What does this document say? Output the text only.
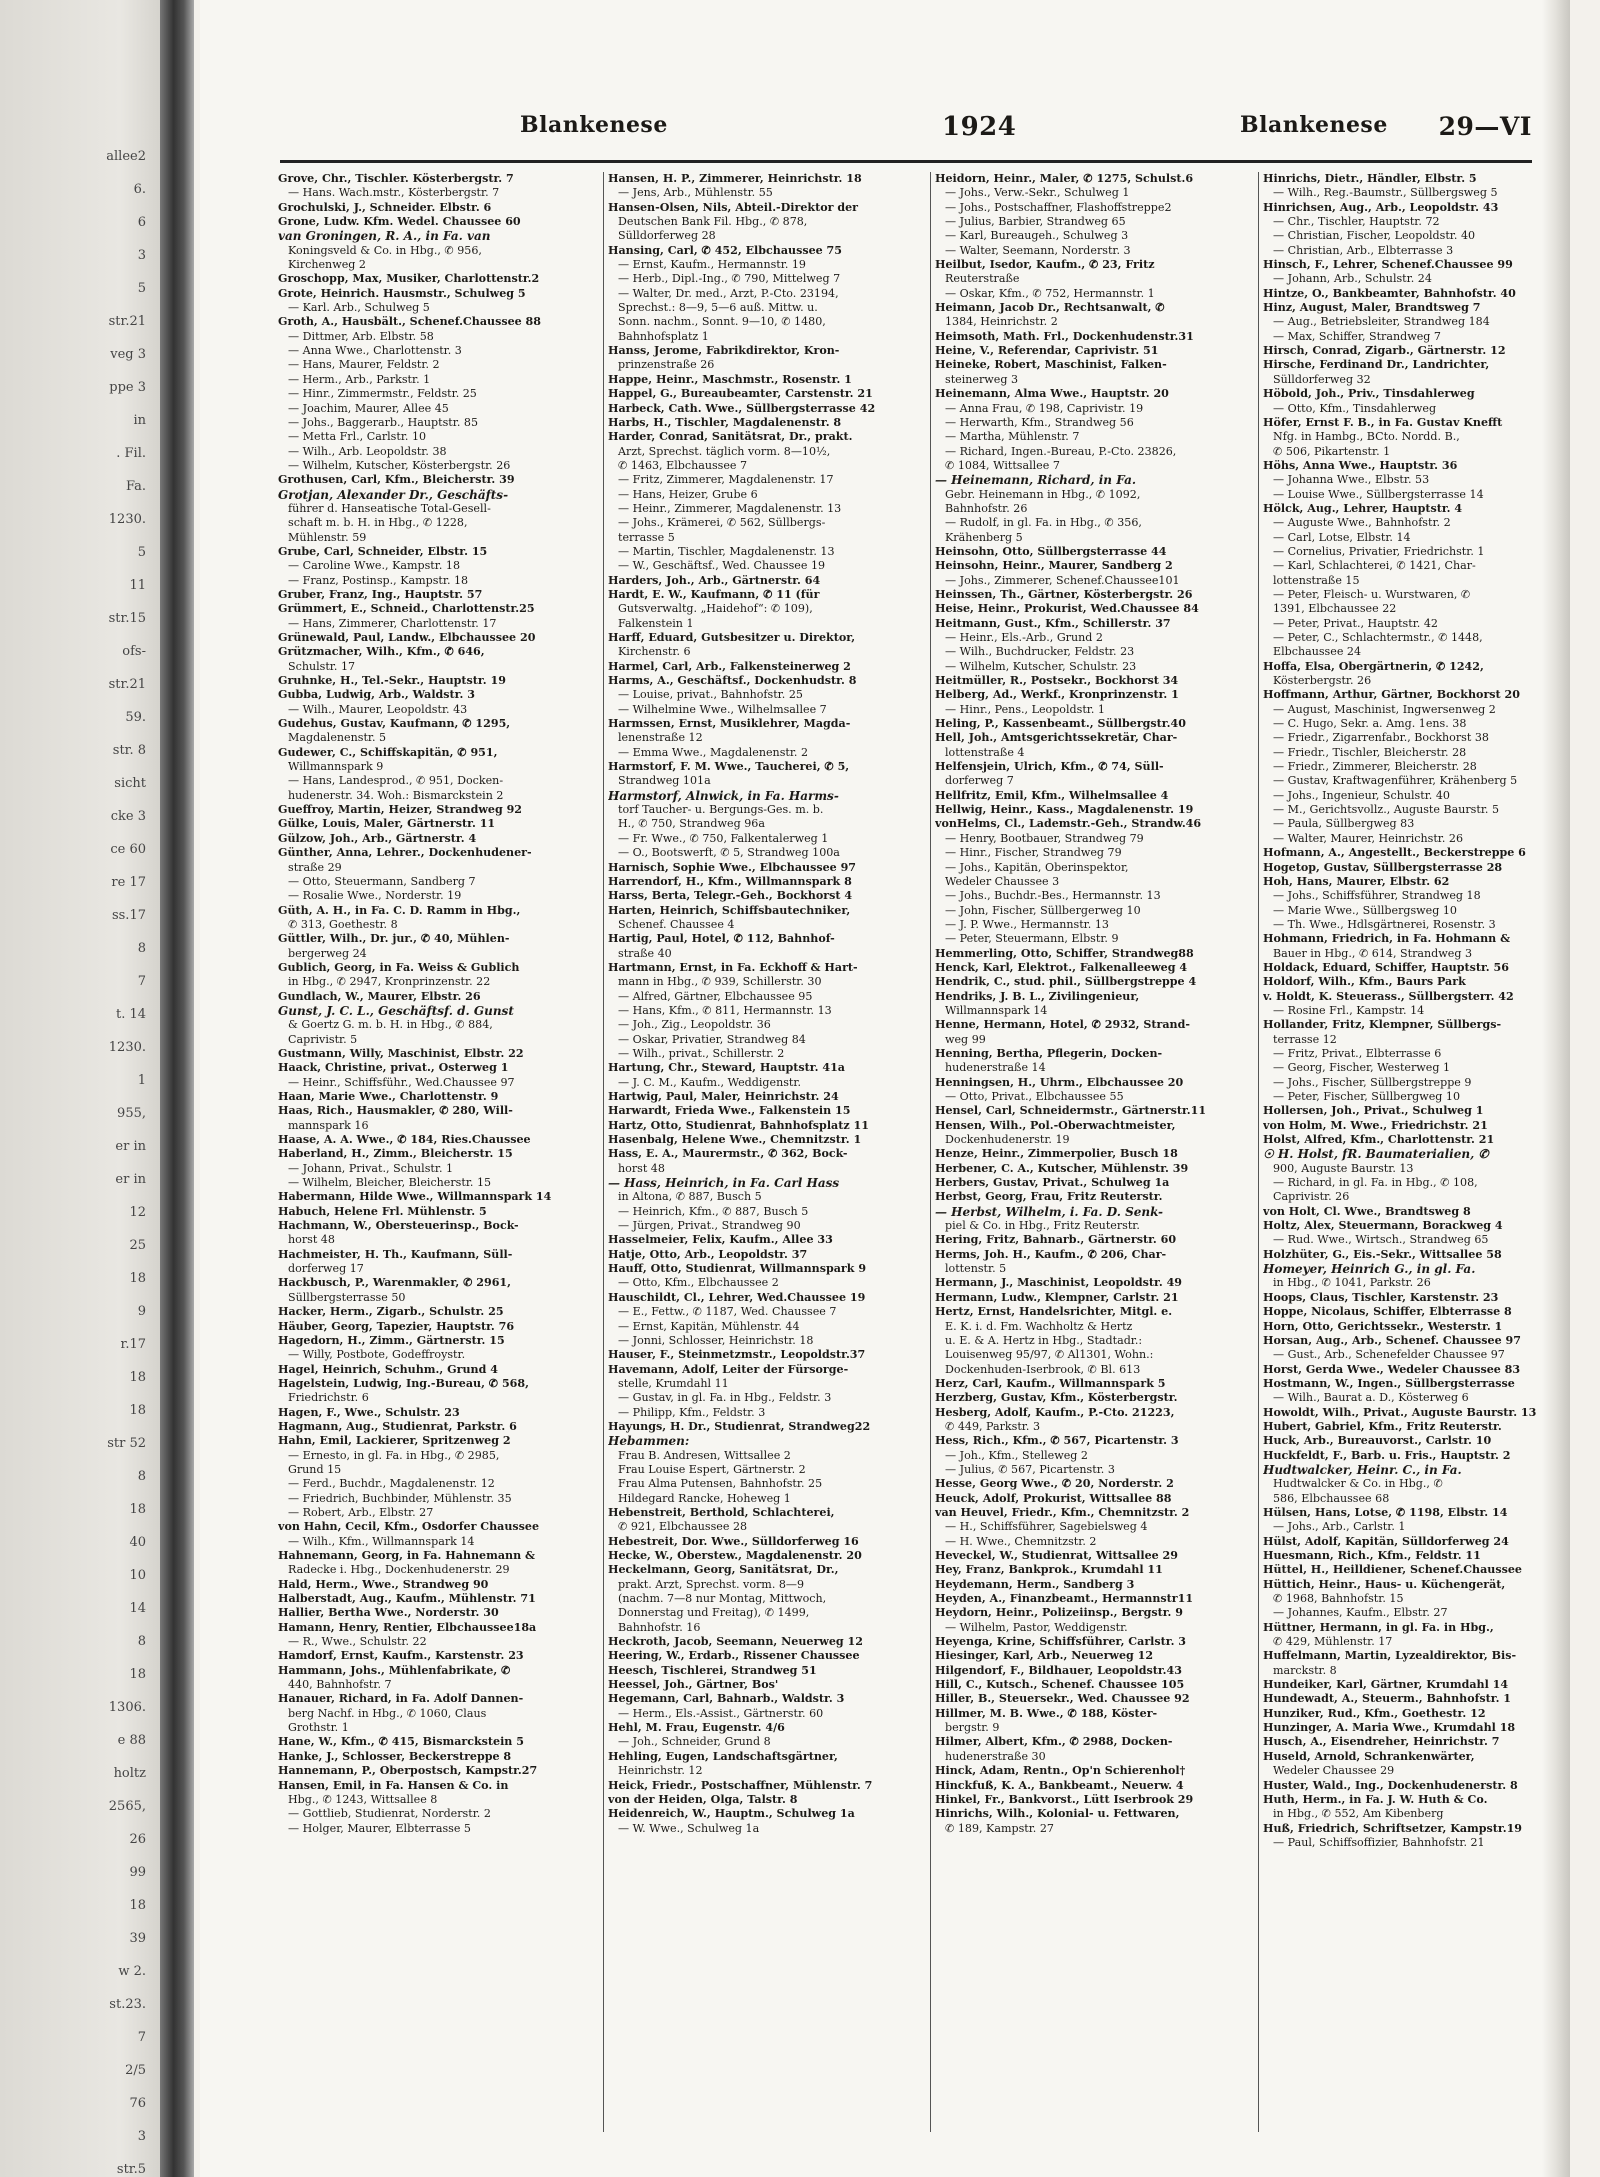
allee2
6.
6
3
5
str.21
veg 3
ppe 3
in
. Fil.
Fa.
1230.
5
11
str.15
ofs-
str.21
59.
str. 8
sicht
cke 3
ce 60
re 17
ss.17
8
7
t. 14
1230.
1
955,
er in
er in
12
25
18
9
r.17
18
18
str 52
8
18
40
10
14
8
18
1306.
e 88
holtz
2565,
26
99
18
39
w 2.
st.23.
7
2/5
76
3
str.5
Blankenese	1924	Blankenese 29—VI
Grove, Chr., Tischler. Kösterbergstr. 7
— Hans. Wach.mstr., Kösterbergstr. 7
Grochulski, J., Schneider. Elbstr. 6
Grone, Ludw. Kfm. Wedel. Chaussee 60
van Groningen, R. A., in Fa. van
Koningsveld & Co. in Hbg., ✆ 956,
Kirchenweg 2
Groschopp, Max, Musiker, Charlottenstr.2
Grote, Heinrich. Hausmstr., Schulweg 5
— Karl. Arb., Schulweg 5
Groth, A., Hausbält., Schenef.Chaussee 88
— Dittmer, Arb. Elbstr. 58
— Anna Wwe., Charlottenstr. 3
— Hans, Maurer, Feldstr. 2
— Herm., Arb., Parkstr. 1
— Hinr., Zimmermstr., Feldstr. 25
— Joachim, Maurer, Allee 45
— Johs., Baggerarb., Hauptstr. 85
— Metta Frl., Carlstr. 10
— Wilh., Arb. Leopoldstr. 38
— Wilhelm, Kutscher, Kösterbergstr. 26
Grothusen, Carl, Kfm., Bleicherstr. 39
Grotjan, Alexander Dr., Geschäfts-
führer d. Hanseatische Total-Gesell-
schaft m. b. H. in Hbg., ✆ 1228,
Mühlenstr. 59
Grube, Carl, Schneider, Elbstr. 15
— Caroline Wwe., Kampstr. 18
— Franz, Postinsp., Kampstr. 18
Gruber, Franz, Ing., Hauptstr. 57
Grümmert, E., Schneid., Charlottenstr.25
— Hans, Zimmerer, Charlottenstr. 17
Grünewald, Paul, Landw., Elbchaussee 20
Grützmacher, Wilh., Kfm., ✆ 646,
Schulstr. 17
Gruhnke, H., Tel.-Sekr., Hauptstr. 19
Gubba, Ludwig, Arb., Waldstr. 3
— Wilh., Maurer, Leopoldstr. 43
Gudehus, Gustav, Kaufmann, ✆ 1295,
Magdalenenstr. 5
Gudewer, C., Schiffskapitän, ✆ 951,
Willmannspark 9
— Hans, Landesprod., ✆ 951, Docken-
hudenerstr. 34. Woh.: Bismarckstein 2
Gueffroy, Martin, Heizer, Strandweg 92
Gülke, Louis, Maler, Gärtnerstr. 11
Gülzow, Joh., Arb., Gärtnerstr. 4
Günther, Anna, Lehrer., Dockenhudener-
straße 29
— Otto, Steuermann, Sandberg 7
— Rosalie Wwe., Norderstr. 19
Güth, A. H., in Fa. C. D. Ramm in Hbg.,
✆ 313, Goethestr. 8
Güttler, Wilh., Dr. jur., ✆ 40, Mühlen-
bergerweg 24
Gublich, Georg, in Fa. Weiss & Gublich
in Hbg., ✆ 2947, Kronprinzenstr. 22
Gundlach, W., Maurer, Elbstr. 26
Gunst, J. C. L., Geschäftsf. d. Gunst
& Goertz G. m. b. H. in Hbg., ✆ 884,
Caprivistr. 5
Gustmann, Willy, Maschinist, Elbstr. 22
Haack, Christine, privat., Osterweg 1
— Heinr., Schiffsführ., Wed.Chaussee 97
Haan, Marie Wwe., Charlottenstr. 9
Haas, Rich., Hausmakler, ✆ 280, Will-
mannspark 16
Haase, A. A. Wwe., ✆ 184, Ries.Chaussee
Haberland, H., Zimm., Bleicherstr. 15
— Johann, Privat., Schulstr. 1
— Wilhelm, Bleicher, Bleicherstr. 15
Habermann, Hilde Wwe., Willmannspark 14
Habuch, Helene Frl. Mühlenstr. 5
Hachmann, W., Obersteuerinsp., Bock-
horst 48
Hachmeister, H. Th., Kaufmann, Süll-
dorferweg 17
Hackbusch, P., Warenmakler, ✆ 2961,
Süllbergsterrasse 50
Hacker, Herm., Zigarb., Schulstr. 25
Häuber, Georg, Tapezier, Hauptstr. 76
Hagedorn, H., Zimm., Gärtnerstr. 15
— Willy, Postbote, Godeffroystr.
Hagel, Heinrich, Schuhm., Grund 4
Hagelstein, Ludwig, Ing.-Bureau, ✆ 568,
Friedrichstr. 6
Hagen, F., Wwe., Schulstr. 23
Hagmann, Aug., Studienrat, Parkstr. 6
Hahn, Emil, Lackierer, Spritzenweg 2
— Ernesto, in gl. Fa. in Hbg., ✆ 2985,
Grund 15
— Ferd., Buchdr., Magdalenenstr. 12
— Friedrich, Buchbinder, Mühlenstr. 35
— Robert, Arb., Elbstr. 27
von Hahn, Cecil, Kfm., Osdorfer Chaussee
— Wilh., Kfm., Willmannspark 14
Hahnemann, Georg, in Fa. Hahnemann &
Radecke i. Hbg., Dockenhudenerstr. 29
Hald, Herm., Wwe., Strandweg 90
Halberstadt, Aug., Kaufm., Mühlenstr. 71
Hallier, Bertha Wwe., Norderstr. 30
Hamann, Henry, Rentier, Elbchaussee18a
— R., Wwe., Schulstr. 22
Hamdorf, Ernst, Kaufm., Karstenstr. 23
Hammann, Johs., Mühlenfabrikate, ✆
440, Bahnhofstr. 7
Hanauer, Richard, in Fa. Adolf Dannen-
berg Nachf. in Hbg., ✆ 1060, Claus
Grothstr. 1
Hane, W., Kfm., ✆ 415, Bismarckstein 5
Hanke, J., Schlosser, Beckerstreppe 8
Hannemann, P., Oberpostsch, Kampstr.27
Hansen, Emil, in Fa. Hansen & Co. in
Hbg., ✆ 1243, Wittsallee 8
— Gottlieb, Studienrat, Norderstr. 2
— Holger, Maurer, Elbterrasse 5
Hansen, H. P., Zimmerer, Heinrichstr. 18
— Jens, Arb., Mühlenstr. 55
Hansen-Olsen, Nils, Abteil.-Direktor der
Deutschen Bank Fil. Hbg., ✆ 878,
Sülldorferweg 28
Hansing, Carl, ✆ 452, Elbchaussee 75
— Ernst, Kaufm., Hermannstr. 19
— Herb., Dipl.-Ing., ✆ 790, Mittelweg 7
— Walter, Dr. med., Arzt, P.-Cto. 23194,
Sprechst.: 8—9, 5—6 auß. Mittw. u.
Sonn. nachm., Sonnt. 9—10, ✆ 1480,
Bahnhofsplatz 1
Hanss, Jerome, Fabrikdirektor, Kron-
prinzenstraße 26
Happe, Heinr., Maschmstr., Rosenstr. 1
Happel, G., Bureaubeamter, Carstenstr. 21
Harbeck, Cath. Wwe., Süllbergsterrasse 42
Harbs, H., Tischler, Magdalenenstr. 8
Harder, Conrad, Sanitätsrat, Dr., prakt.
Arzt, Sprechst. täglich vorm. 8—10½,
✆ 1463, Elbchaussee 7
— Fritz, Zimmerer, Magdalenenstr. 17
— Hans, Heizer, Grube 6
— Heinr., Zimmerer, Magdalenenstr. 13
— Johs., Krämerei, ✆ 562, Süllbergs-
terrasse 5
— Martin, Tischler, Magdalenenstr. 13
— W., Geschäftsf., Wed. Chaussee 19
Harders, Joh., Arb., Gärtnerstr. 64
Hardt, E. W., Kaufmann, ✆ 11 (für
Gutsverwaltg. „Haidehof“: ✆ 109),
Falkenstein 1
Harff, Eduard, Gutsbesitzer u. Direktor,
Kirchenstr. 6
Harmel, Carl, Arb., Falkensteinerweg 2
Harms, A., Geschäftsf., Dockenhudstr. 8
— Louise, privat., Bahnhofstr. 25
— Wilhelmine Wwe., Wilhelmsallee 7
Harmssen, Ernst, Musiklehrer, Magda-
lenenstraße 12
— Emma Wwe., Magdalenenstr. 2
Harmstorf, F. M. Wwe., Taucherei, ✆ 5,
Strandweg 101a
Harmstorf, Alnwick, in Fa. Harms-
torf Taucher- u. Bergungs-Ges. m. b.
H., ✆ 750, Strandweg 96a
— Fr. Wwe., ✆ 750, Falkentalerweg 1
— O., Bootswerft, ✆ 5, Strandweg 100a
Harnisch, Sophie Wwe., Elbchaussee 97
Harrendorf, H., Kfm., Willmannspark 8
Harss, Berta, Telegr.-Geh., Bockhorst 4
Harten, Heinrich, Schiffsbautechniker,
Schenef. Chaussee 4
Hartig, Paul, Hotel, ✆ 112, Bahnhof-
straße 40
Hartmann, Ernst, in Fa. Eckhoff & Hart-
mann in Hbg., ✆ 939, Schillerstr. 30
— Alfred, Gärtner, Elbchaussee 95
— Hans, Kfm., ✆ 811, Hermannstr. 13
— Joh., Zig., Leopoldstr. 36
— Oskar, Privatier, Strandweg 84
— Wilh., privat., Schillerstr. 2
Hartung, Chr., Steward, Hauptstr. 41a
— J. C. M., Kaufm., Weddigenstr.
Hartwig, Paul, Maler, Heinrichstr. 24
Harwardt, Frieda Wwe., Falkenstein 15
Hartz, Otto, Studienrat, Bahnhofsplatz 11
Hasenbalg, Helene Wwe., Chemnitzstr. 1
Hass, E. A., Maurermstr., ✆ 362, Bock-
horst 48
— Hass, Heinrich, in Fa. Carl Hass
in Altona, ✆ 887, Busch 5
— Heinrich, Kfm., ✆ 887, Busch 5
— Jürgen, Privat., Strandweg 90
Hasselmeier, Felix, Kaufm., Allee 33
Hatje, Otto, Arb., Leopoldstr. 37
Hauff, Otto, Studienrat, Willmannspark 9
— Otto, Kfm., Elbchaussee 2
Hauschildt, Cl., Lehrer, Wed.Chaussee 19
— E., Fettw., ✆ 1187, Wed. Chaussee 7
— Ernst, Kapitän, Mühlenstr. 44
— Jonni, Schlosser, Heinrichstr. 18
Hauser, F., Steinmetzmstr., Leopoldstr.37
Havemann, Adolf, Leiter der Fürsorge-
stelle, Krumdahl 11
— Gustav, in gl. Fa. in Hbg., Feldstr. 3
— Philipp, Kfm., Feldstr. 3
Hayungs, H. Dr., Studienrat, Strandweg22
Hebammen:
Frau B. Andresen, Wittsallee 2
Frau Louise Espert, Gärtnerstr. 2
Frau Alma Putensen, Bahnhofstr. 25
Hildegard Rancke, Hoheweg 1
Hebenstreit, Berthold, Schlachterei,
✆ 921, Elbchaussee 28
Hebestreit, Dor. Wwe., Sülldorferweg 16
Hecke, W., Oberstew., Magdalenenstr. 20
Heckelmann, Georg, Sanitätsrat, Dr.,
prakt. Arzt, Sprechst. vorm. 8—9
(nachm. 7—8 nur Montag, Mittwoch,
Donnerstag und Freitag), ✆ 1499,
Bahnhofstr. 16
Heckroth, Jacob, Seemann, Neuerweg 12
Heering, W., Erdarb., Rissener Chaussee
Heesch, Tischlerei, Strandweg 51
Heessel, Joh., Gärtner, Bos'
Hegemann, Carl, Bahnarb., Waldstr. 3
— Herm., Els.-Assist., Gärtnerstr. 60
Hehl, M. Frau, Eugenstr. 4/6
— Joh., Schneider, Grund 8
Hehling, Eugen, Landschaftsgärtner,
Heinrichstr. 12
Heick, Friedr., Postschaffner, Mühlenstr. 7
von der Heiden, Olga, Talstr. 8
Heidenreich, W., Hauptm., Schulweg 1a
— W. Wwe., Schulweg 1a
Heidorn, Heinr., Maler, ✆ 1275, Schulst.6
— Johs., Verw.-Sekr., Schulweg 1
— Johs., Postschaffner, Flashoffstreppe2
— Julius, Barbier, Strandweg 65
— Karl, Bureaugeh., Schulweg 3
— Walter, Seemann, Norderstr. 3
Heilbut, Isedor, Kaufm., ✆ 23, Fritz
Reuterstraße
— Oskar, Kfm., ✆ 752, Hermannstr. 1
Heimann, Jacob Dr., Rechtsanwalt, ✆
1384, Heinrichstr. 2
Heimsoth, Math. Frl., Dockenhudenstr.31
Heine, V., Referendar, Caprivistr. 51
Heineke, Robert, Maschinist, Falken-
steinerweg 3
Heinemann, Alma Wwe., Hauptstr. 20
— Anna Frau, ✆ 198, Caprivistr. 19
— Herwarth, Kfm., Strandweg 56
— Martha, Mühlenstr. 7
— Richard, Ingen.-Bureau, P.-Cto. 23826,
✆ 1084, Wittsallee 7
— Heinemann, Richard, in Fa.
Gebr. Heinemann in Hbg., ✆ 1092,
Bahnhofstr. 26
— Rudolf, in gl. Fa. in Hbg., ✆ 356,
Krähenberg 5
Heinsohn, Otto, Süllbergsterrasse 44
Heinsohn, Heinr., Maurer, Sandberg 2
— Johs., Zimmerer, Schenef.Chaussee101
Heinssen, Th., Gärtner, Kösterbergstr. 26
Heise, Heinr., Prokurist, Wed.Chaussee 84
Heitmann, Gust., Kfm., Schillerstr. 37
— Heinr., Els.-Arb., Grund 2
— Wilh., Buchdrucker, Feldstr. 23
— Wilhelm, Kutscher, Schulstr. 23
Heitmüller, R., Postsekr., Bockhorst 34
Helberg, Ad., Werkf., Kronprinzenstr. 1
— Hinr., Pens., Leopoldstr. 1
Heling, P., Kassenbeamt., Süllbergstr.40
Hell, Joh., Amtsgerichtssekretär, Char-
lottenstraße 4
Helfensjein, Ulrich, Kfm., ✆ 74, Süll-
dorferweg 7
Hellfritz, Emil, Kfm., Wilhelmsallee 4
Hellwig, Heinr., Kass., Magdalenenstr. 19
vonHelms, Cl., Lademstr.-Geh., Strandw.46
— Henry, Bootbauer, Strandweg 79
— Hinr., Fischer, Strandweg 79
— Johs., Kapitän, Oberinspektor,
Wedeler Chaussee 3
— Johs., Buchdr.-Bes., Hermannstr. 13
— John, Fischer, Süllbergerweg 10
— J. P. Wwe., Hermannstr. 13
— Peter, Steuermann, Elbstr. 9
Hemmerling, Otto, Schiffer, Strandweg88
Henck, Karl, Elektrot., Falkenalleeweg 4
Hendrik, C., stud. phil., Süllbergstreppe 4
Hendriks, J. B. L., Zivilingenieur,
Willmannspark 14
Henne, Hermann, Hotel, ✆ 2932, Strand-
weg 99
Henning, Bertha, Pflegerin, Docken-
hudenerstraße 14
Henningsen, H., Uhrm., Elbchaussee 20
— Otto, Privat., Elbchaussee 55
Hensel, Carl, Schneidermstr., Gärtnerstr.11
Hensen, Wilh., Pol.-Oberwachtmeister,
Dockenhudenerstr. 19
Henze, Heinr., Zimmerpolier, Busch 18
Herbener, C. A., Kutscher, Mühlenstr. 39
Herbers, Gustav, Privat., Schulweg 1a
Herbst, Georg, Frau, Fritz Reuterstr.
— Herbst, Wilhelm, i. Fa. D. Senk-
piel & Co. in Hbg., Fritz Reuterstr.
Hering, Fritz, Bahnarb., Gärtnerstr. 60
Herms, Joh. H., Kaufm., ✆ 206, Char-
lottenstr. 5
Hermann, J., Maschinist, Leopoldstr. 49
Hermann, Ludw., Klempner, Carlstr. 21
Hertz, Ernst, Handelsrichter, Mitgl. e.
E. K. i. d. Fm. Wachholtz & Hertz
u. E. & A. Hertz in Hbg., Stadtadr.:
Louisenweg 95/97, ✆ Al1301, Wohn.:
Dockenhuden-Iserbrook, ✆ Bl. 613
Herz, Carl, Kaufm., Willmannspark 5
Herzberg, Gustav, Kfm., Kösterbergstr.
Hesberg, Adolf, Kaufm., P.-Cto. 21223,
✆ 449, Parkstr. 3
Hess, Rich., Kfm., ✆ 567, Picartenstr. 3
— Joh., Kfm., Stelleweg 2
— Julius, ✆ 567, Picartenstr. 3
Hesse, Georg Wwe., ✆ 20, Norderstr. 2
Heuck, Adolf, Prokurist, Wittsallee 88
van Heuvel, Friedr., Kfm., Chemnitzstr. 2
— H., Schiffsführer, Sagebielsweg 4
— H. Wwe., Chemnitzstr. 2
Heveckel, W., Studienrat, Wittsallee 29
Hey, Franz, Bankprok., Krumdahl 11
Heydemann, Herm., Sandberg 3
Heyden, A., Finanzbeamt., Hermannstr11
Heydorn, Heinr., Polizeiinsp., Bergstr. 9
— Wilhelm, Pastor, Weddigenstr.
Heyenga, Krine, Schiffsführer, Carlstr. 3
Hiesinger, Karl, Arb., Neuerweg 12
Hilgendorf, F., Bildhauer, Leopoldstr.43
Hill, C., Kutsch., Schenef. Chaussee 105
Hiller, B., Steuersekr., Wed. Chaussee 92
Hillmer, M. B. Wwe., ✆ 188, Köster-
bergstr. 9
Hilmer, Albert, Kfm., ✆ 2988, Docken-
hudenerstraße 30
Hinck, Adam, Rentn., Op'n Schierenhol†
Hinckfuß, K. A., Bankbeamt., Neuerw. 4
Hinkel, Fr., Bankvorst., Lütt Iserbrook 29
Hinrichs, Wilh., Kolonial- u. Fettwaren,
✆ 189, Kampstr. 27
Hinrichs, Dietr., Händler, Elbstr. 5
— Wilh., Reg.-Baumstr., Süllbergsweg 5
Hinrichsen, Aug., Arb., Leopoldstr. 43
— Chr., Tischler, Hauptstr. 72
— Christian, Fischer, Leopoldstr. 40
— Christian, Arb., Elbterrasse 3
Hinsch, F., Lehrer, Schenef.Chaussee 99
— Johann, Arb., Schulstr. 24
Hintze, O., Bankbeamter, Bahnhofstr. 40
Hinz, August, Maler, Brandtsweg 7
— Aug., Betriebsleiter, Strandweg 184
— Max, Schiffer, Strandweg 7
Hirsch, Conrad, Zigarb., Gärtnerstr. 12
Hirsche, Ferdinand Dr., Landrichter,
Sülldorferweg 32
Höbold, Joh., Priv., Tinsdahlerweg
— Otto, Kfm., Tinsdahlerweg
Höfer, Ernst F. B., in Fa. Gustav Knefft
Nfg. in Hambg., BCto. Nordd. B.,
✆ 506, Pikartenstr. 1
Höhs, Anna Wwe., Hauptstr. 36
— Johanna Wwe., Elbstr. 53
— Louise Wwe., Süllbergsterrasse 14
Hölck, Aug., Lehrer, Hauptstr. 4
— Auguste Wwe., Bahnhofstr. 2
— Carl, Lotse, Elbstr. 14
— Cornelius, Privatier, Friedrichstr. 1
— Karl, Schlachterei, ✆ 1421, Char-
lottenstraße 15
— Peter, Fleisch- u. Wurstwaren, ✆
1391, Elbchaussee 22
— Peter, Privat., Hauptstr. 42
— Peter, C., Schlachtermstr., ✆ 1448,
Elbchaussee 24
Hoffa, Elsa, Obergärtnerin, ✆ 1242,
Kösterbergstr. 26
Hoffmann, Arthur, Gärtner, Bockhorst 20
— August, Maschinist, Ingwersenweg 2
— C. Hugo, Sekr. a. Amg. 1ens. 38
— Friedr., Zigarrenfabr., Bockhorst 38
— Friedr., Tischler, Bleicherstr. 28
— Friedr., Zimmerer, Bleicherstr. 28
— Gustav, Kraftwagenführer, Krähenberg 5
— Johs., Ingenieur, Schulstr. 40
— M., Gerichtsvollz., Auguste Baurstr. 5
— Paula, Süllbergweg 83
— Walter, Maurer, Heinrichstr. 26
Hofmann, A., Angestellt., Beckerstreppe 6
Hogetop, Gustav, Süllbergsterrasse 28
Hoh, Hans, Maurer, Elbstr. 62
— Johs., Schiffsführer, Strandweg 18
— Marie Wwe., Süllbergsweg 10
— Th. Wwe., Hdlsgärtnerei, Rosenstr. 3
Hohmann, Friedrich, in Fa. Hohmann &
Bauer in Hbg., ✆ 614, Strandweg 3
Holdack, Eduard, Schiffer, Hauptstr. 56
Holdorf, Wilh., Kfm., Baurs Park
v. Holdt, K. Steuerass., Süllbergsterr. 42
— Rosine Frl., Kampstr. 14
Hollander, Fritz, Klempner, Süllbergs-
terrasse 12
— Fritz, Privat., Elbterrasse 6
— Georg, Fischer, Westerweg 1
— Johs., Fischer, Süllbergstreppe 9
— Peter, Fischer, Süllbergweg 10
Hollersen, Joh., Privat., Schulweg 1
von Holm, M. Wwe., Friedrichstr. 21
Holst, Alfred, Kfm., Charlottenstr. 21
☉ H. Holst, fR. Baumaterialien, ✆
900, Auguste Baurstr. 13
— Richard, in gl. Fa. in Hbg., ✆ 108,
Caprivistr. 26
von Holt, Cl. Wwe., Brandtsweg 8
Holtz, Alex, Steuermann, Borackweg 4
— Rud. Wwe., Wirtsch., Strandweg 65
Holzhüter, G., Eis.-Sekr., Wittsallee 58
Homeyer, Heinrich G., in gl. Fa.
in Hbg., ✆ 1041, Parkstr. 26
Hoops, Claus, Tischler, Karstenstr. 23
Hoppe, Nicolaus, Schiffer, Elbterrasse 8
Horn, Otto, Gerichtssekr., Westerstr. 1
Horsan, Aug., Arb., Schenef. Chaussee 97
— Gust., Arb., Schenefelder Chaussee 97
Horst, Gerda Wwe., Wedeler Chaussee 83
Hostmann, W., Ingen., Süllbergsterrasse
— Wilh., Baurat a. D., Kösterweg 6
Howoldt, Wilh., Privat., Auguste Baurstr. 13
Hubert, Gabriel, Kfm., Fritz Reuterstr.
Huck, Arb., Bureauvorst., Carlstr. 10
Huckfeldt, F., Barb. u. Fris., Hauptstr. 2
Hudtwalcker, Heinr. C., in Fa.
Hudtwalcker & Co. in Hbg., ✆
586, Elbchaussee 68
Hülsen, Hans, Lotse, ✆ 1198, Elbstr. 14
— Johs., Arb., Carlstr. 1
Hülst, Adolf, Kapitän, Sülldorferweg 24
Huesmann, Rich., Kfm., Feldstr. 11
Hüttel, H., Heilldiener, Schenef.Chaussee
Hüttich, Heinr., Haus- u. Küchengerät,
✆ 1968, Bahnhofstr. 15
— Johannes, Kaufm., Elbstr. 27
Hüttner, Hermann, in gl. Fa. in Hbg.,
✆ 429, Mühlenstr. 17
Huffelmann, Martin, Lyzealdirektor, Bis-
marckstr. 8
Hundeiker, Karl, Gärtner, Krumdahl 14
Hundewadt, A., Steuerm., Bahnhofstr. 1
Hunziker, Rud., Kfm., Goethestr. 12
Hunzinger, A. Maria Wwe., Krumdahl 18
Husch, A., Eisendreher, Heinrichstr. 7
Huseld, Arnold, Schrankenwärter,
Wedeler Chaussee 29
Huster, Wald., Ing., Dockenhudenerstr. 8
Huth, Herm., in Fa. J. W. Huth & Co.
in Hbg., ✆ 552, Am Kibenberg
Huß, Friedrich, Schriftsetzer, Kampstr.19
— Paul, Schiffsoffizier, Bahnhofstr. 21
